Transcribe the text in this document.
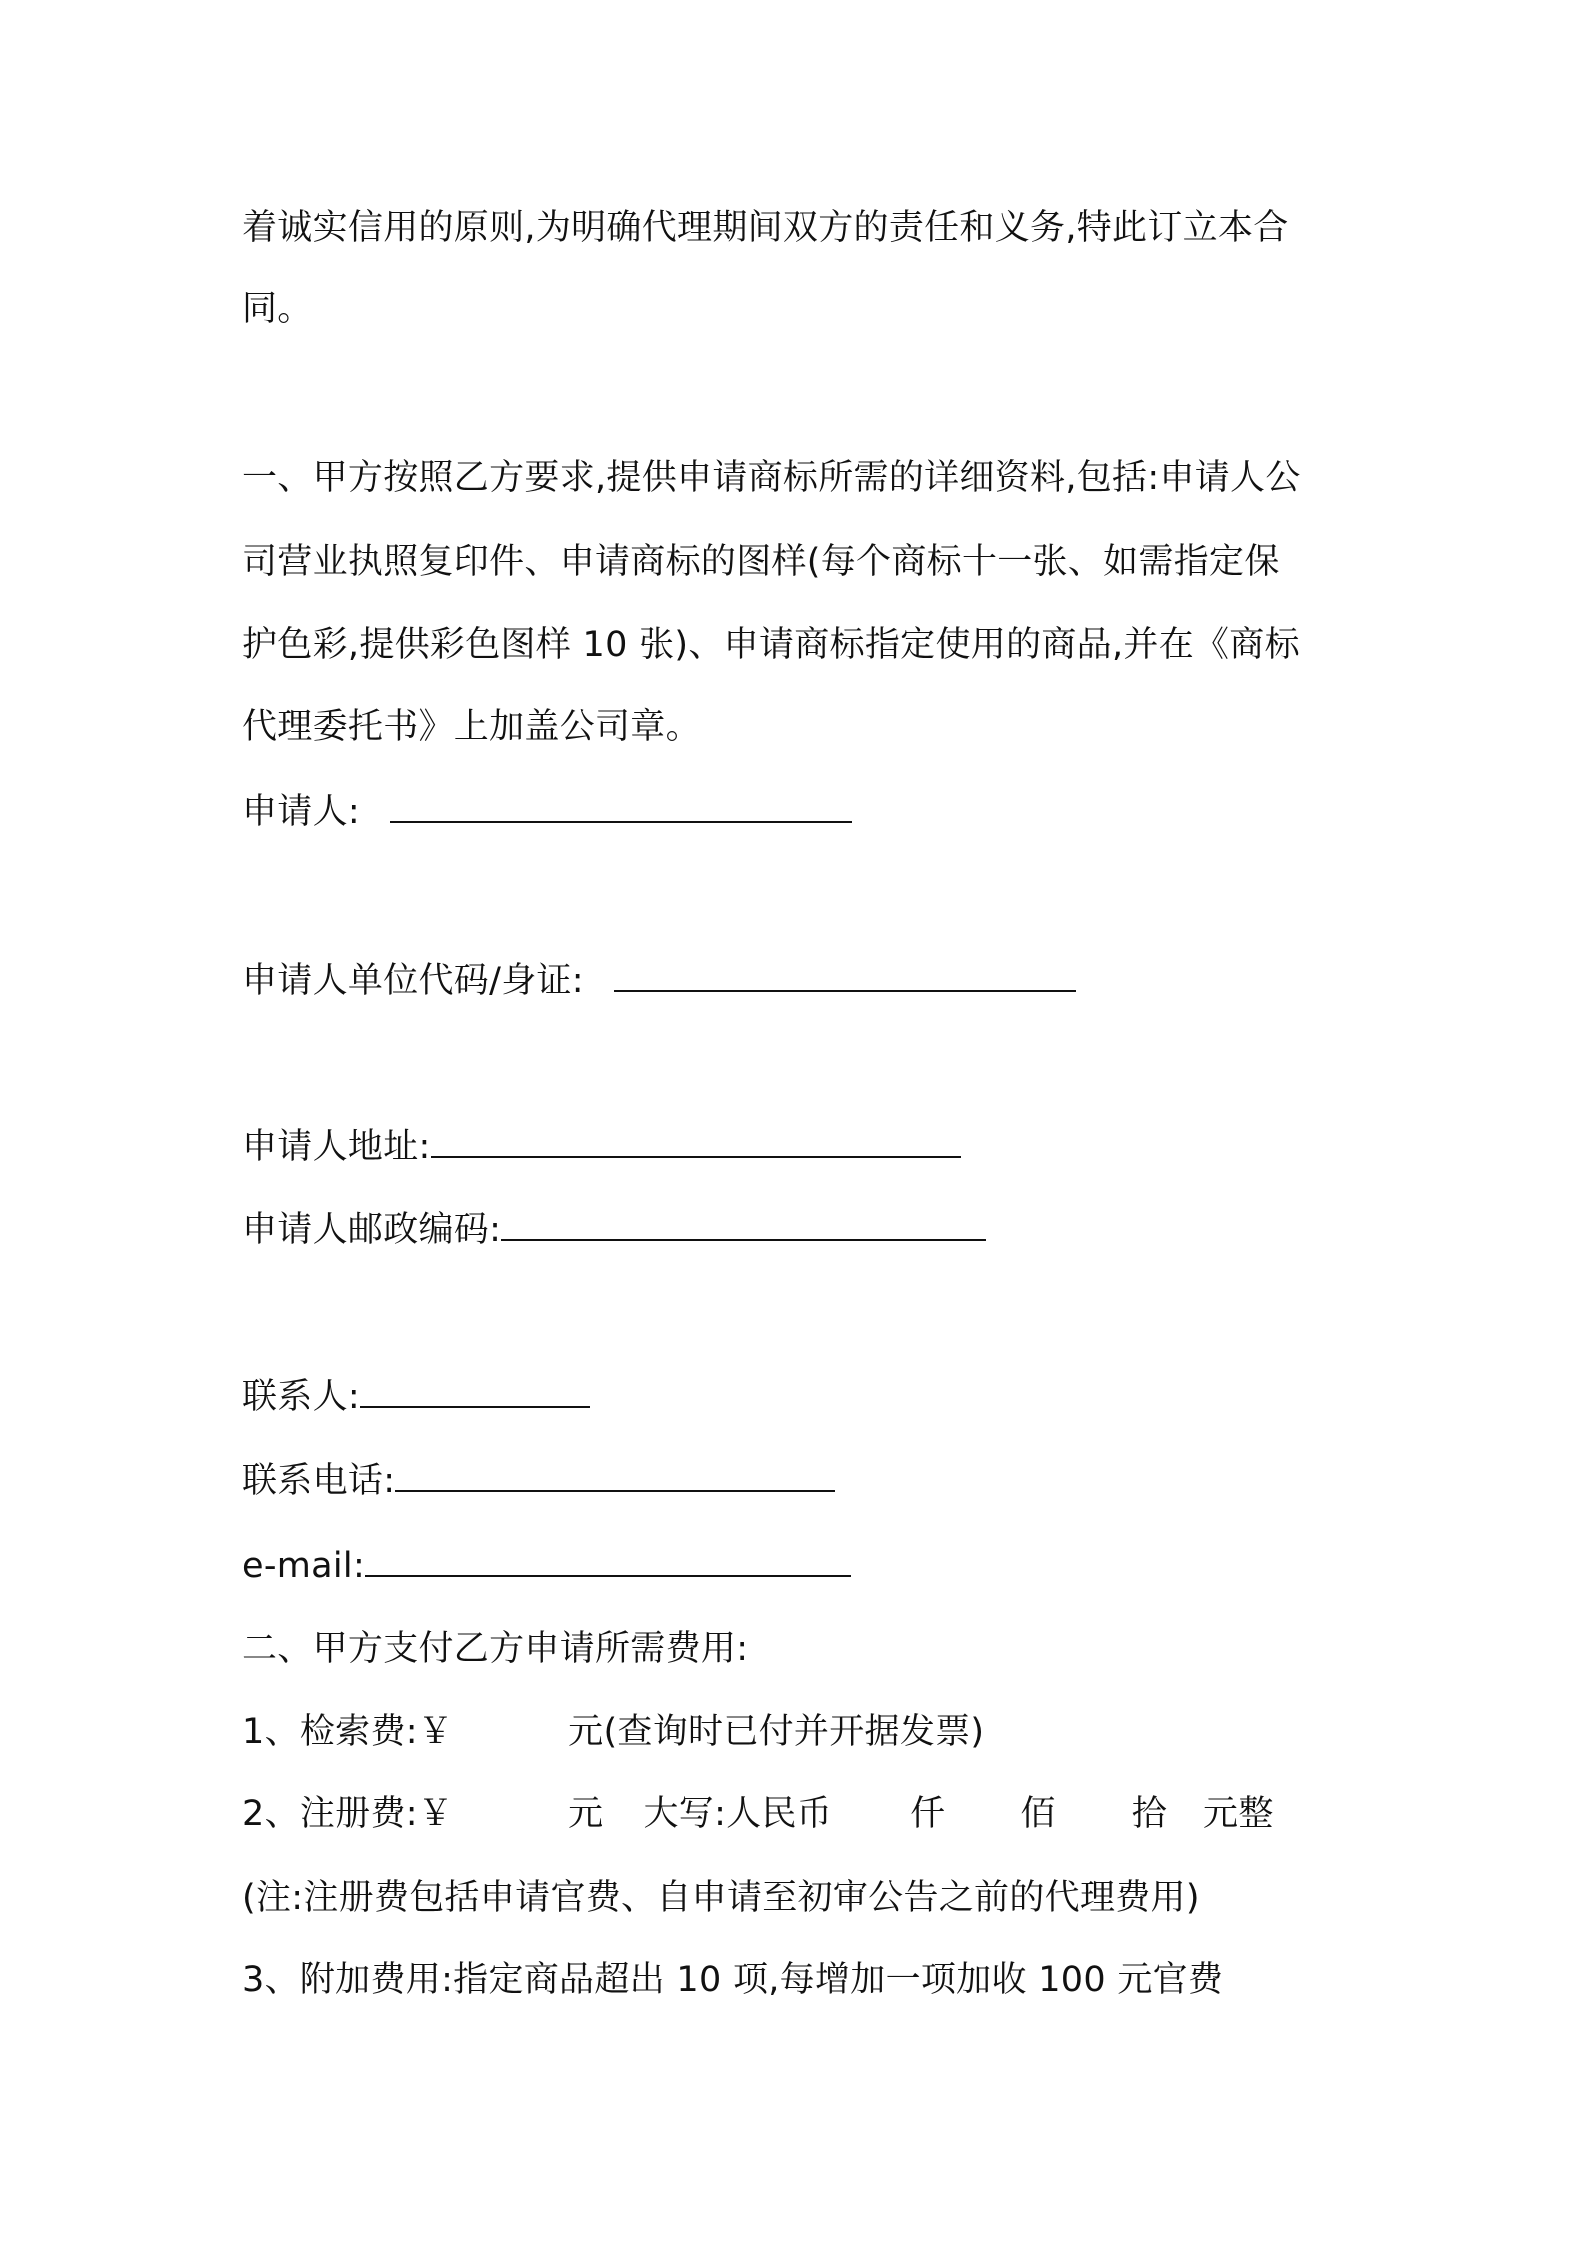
着诚实信用的原则,为明确代理期间双方的责任和义务,特此订立本合
同。
一、甲方按照乙方要求,提供申请商标所需的详细资料,包括:申请人公
司营业执照复印件、申请商标的图样(每个商标十一张、如需指定保
护色彩,提供彩色图样 10 张)、申请商标指定使用的商品,并在《商标
代理委托书》上加盖公司章。
申请人:
申请人单位代码/身证:
申请人地址:
申请人邮政编码:
联系人:
联系电话:
e-mail:
二、甲方支付乙方申请所需费用:
1、检索费:￥	元(查询时已付并开据发票)
2、注册费:￥	元 大写:人民币 仟 佰 拾 元整
(注:注册费包括申请官费、自申请至初审公告之前的代理费用)
3、附加费用:指定商品超出 10 项,每增加一项加收 100 元官费
